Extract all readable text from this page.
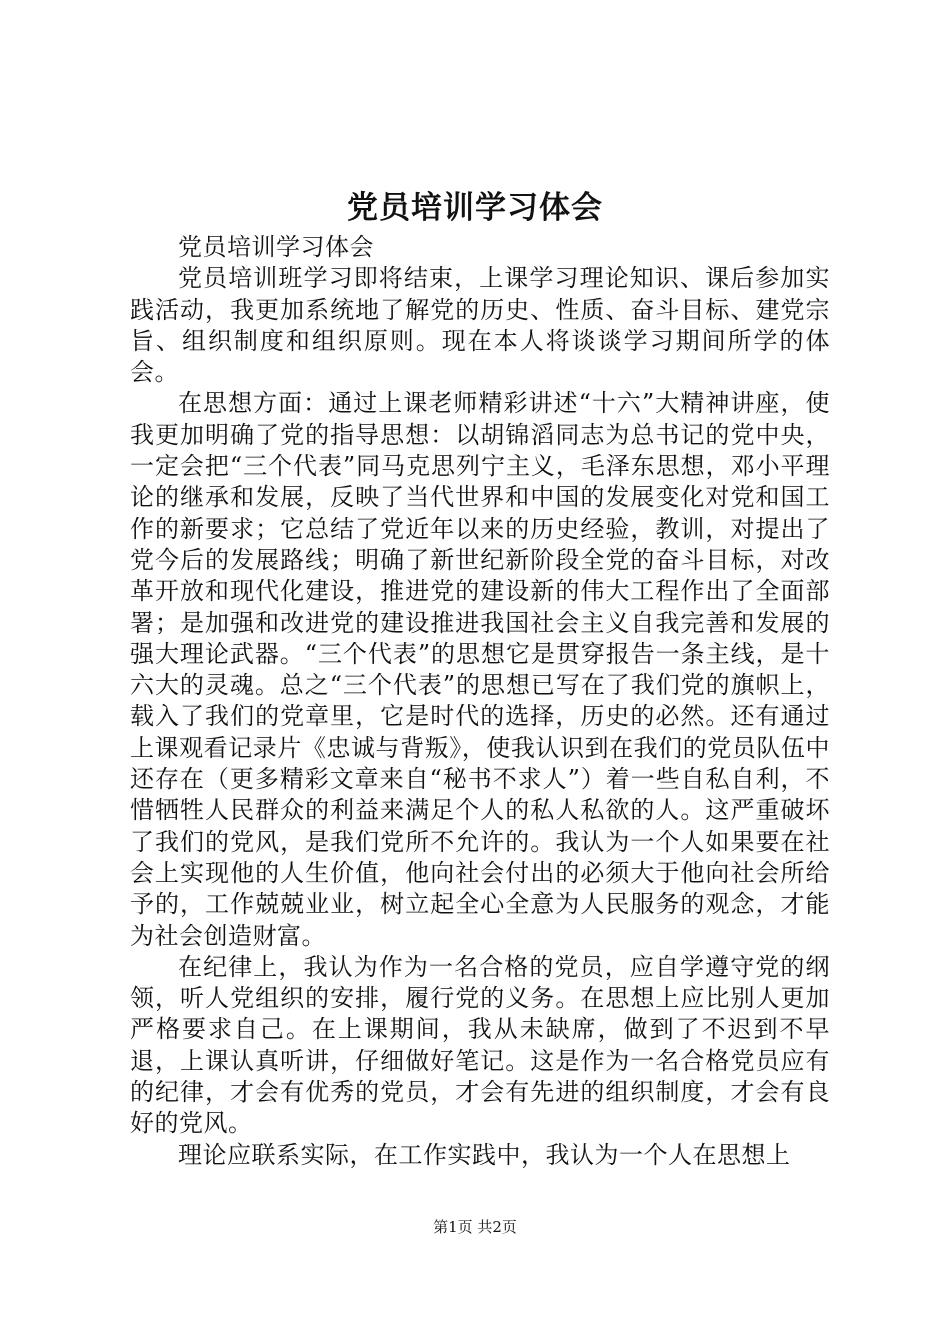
党员培训学习体会

党员培训学习体会

党员培训班学习即将结束，上课学习理论知识、课后参加实践活动，我更加系统地了解党的历史、性质、奋斗目标、建党宗旨、组织制度和组织原则。现在本人将谈谈学习期间所学的体会。

在思想方面：通过上课老师精彩讲述“十六”大精神讲座，使我更加明确了党的指导思想：以胡锦滔同志为总书记的党中央，一定会把“三个代表”同马克思列宁主义，毛泽东思想，邓小平理论的继承和发展，反映了当代世界和中国的发展变化对党和国工作的新要求；它总结了党近年以来的历史经验，教训，对提出了党今后的发展路线；明确了新世纪新阶段全党的奋斗目标，对改革开放和现代化建设，推进党的建设新的伟大工程作出了全面部署；是加强和改进党的建设推进我国社会主义自我完善和发展的强大理论武器。“三个代表”的思想它是贯穿报告一条主线，是十六大的灵魂。总之“三个代表”的思想已写在了我们党的旗帜上，载入了我们的党章里，它是时代的选择，历史的必然。还有通过上课观看记录片《忠诚与背叛》，使我认识到在我们的党员队伍中还存在（更多精彩文章来自“秘书不求人”）着一些自私自利，不惜牺牲人民群众的利益来满足个人的私人私欲的人。这严重破坏了我们的党风，是我们党所不允许的。我认为一个人如果要在社会上实现他的人生价值，他向社会付出的必须大于他向社会所给予的，工作兢兢业业，树立起全心全意为人民服务的观念，才能为社会创造财富。

在纪律上，我认为作为一名合格的党员，应自学遵守党的纲领，听人党组织的安排，履行党的义务。在思想上应比别人更加严格要求自己。在上课期间，我从未缺席，做到了不迟到不早退，上课认真听讲，仔细做好笔记。这是作为一名合格党员应有的纪律，才会有优秀的党员，才会有先进的组织制度，才会有良好的党风。

理论应联系实际，在工作实践中，我认为一个人在思想上

第1页 共2页
